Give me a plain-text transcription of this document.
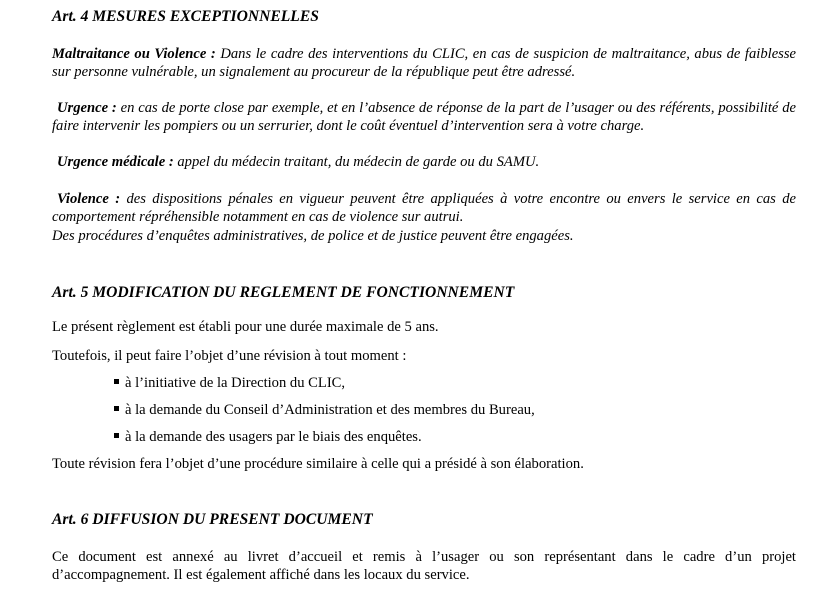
Art. 4 MESURES EXCEPTIONNELLES
Maltraitance ou Violence : Dans le cadre des interventions du CLIC, en cas de suspicion de maltraitance, abus de faiblesse sur personne vulnérable, un signalement au procureur de la république peut être adressé.
Urgence : en cas de porte close par exemple, et en l’absence de réponse de la part de l’usager ou des référents, possibilité de faire intervenir les pompiers ou un serrurier, dont le coût éventuel d’intervention sera à votre charge.
Urgence médicale : appel du médecin traitant, du médecin de garde ou du SAMU.
Violence : des dispositions pénales en vigueur peuvent être appliquées à votre encontre ou envers le service en cas de comportement répréhensible notamment en cas de violence sur autrui.
Des procédures d’enquêtes administratives, de police et de justice peuvent être engagées.
Art. 5 MODIFICATION DU REGLEMENT DE FONCTIONNEMENT
Le présent règlement est établi pour une durée maximale de 5 ans.
Toutefois, il peut faire l’objet d’une révision à tout moment :
à l’initiative de la Direction du CLIC,
à la demande du Conseil d’Administration et des membres du Bureau,
à la demande des usagers par le biais des enquêtes.
Toute révision fera l’objet d’une procédure similaire à celle qui a présidé à son élaboration.
Art. 6 DIFFUSION DU PRESENT DOCUMENT
Ce document est annexé au livret d’accueil et remis à l’usager ou son représentant dans le cadre d’un projet d’accompagnement. Il est également affiché dans les locaux du service.
